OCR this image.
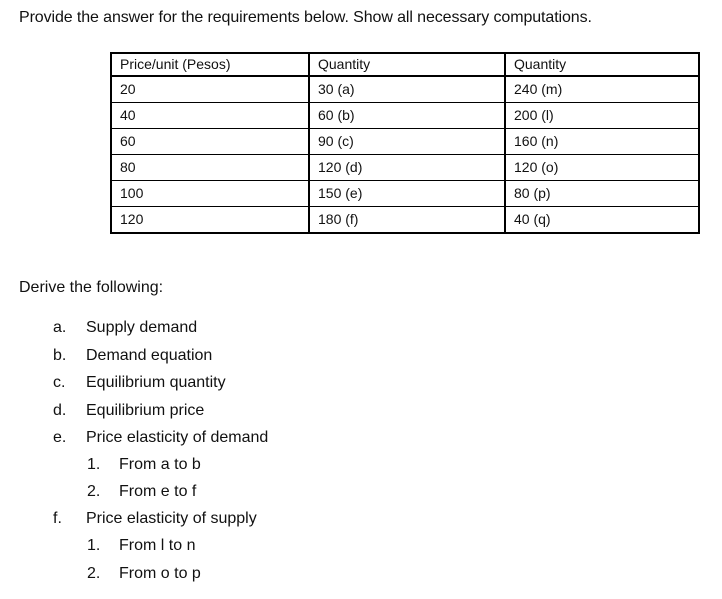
Provide the answer for the requirements below. Show all necessary computations.
Price/unit (Pesos)	Quantity	Quantity
20	30 (a)	240 (m)
40	60 (b)	200 (l)
60	90 (c)	160 (n)
80	120 (d)	120 (o)
100	150 (e)	80 (p)
120	180 (f)	40 (q)
Derive the following:
a. Supply demand
b. Demand equation
c. Equilibrium quantity
d. Equilibrium price
e. Price elasticity of demand
1. From a to b
2. From e to f
f. Price elasticity of supply
1. From l to n
2. From o to p
